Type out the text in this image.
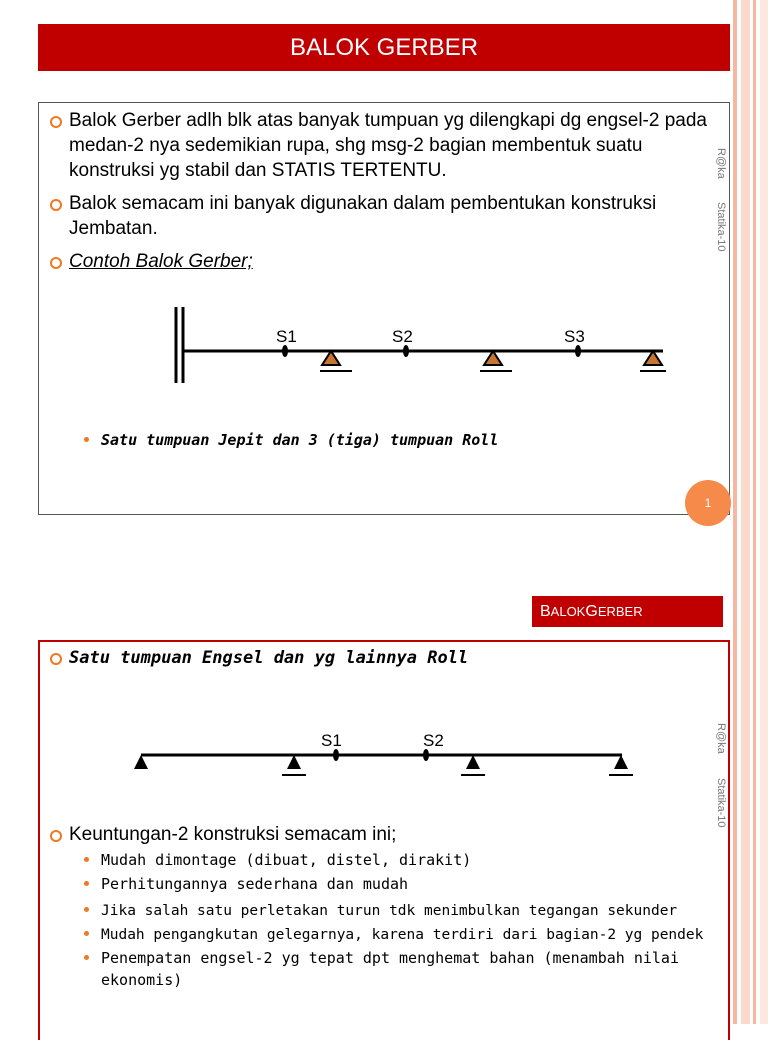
BALOK GERBER
Balok Gerber adlh blk atas banyak tumpuan yg dilengkapi dg engsel-2 pada medan-2 nya sedemikian rupa, shg msg-2 bagian membentuk suatu konstruksi yg stabil dan STATIS TERTENTU.
Balok semacam ini banyak digunakan dalam pembentukan konstruksi Jembatan.
Contoh Balok Gerber;
S1	S2	S3
Satu tumpuan Jepit dan 3 (tiga) tumpuan Roll
R@ka
Statika-10
1
B ALOK G ERBER
Satu tumpuan Engsel dan yg lainnya Roll
S1	S2
Keuntungan-2 konstruksi semacam ini;
Mudah dimontage (dibuat, distel, dirakit)
Perhitungannya sederhana dan mudah
Jika salah satu perletakan turun tdk menimbulkan tegangan sekunder
Mudah pengangkutan gelegarnya, karena terdiri dari bagian-2 yg pendek
Penempatan engsel-2 yg tepat dpt menghemat bahan (menambah nilai ekonomis)
R@ka
Statika-10
